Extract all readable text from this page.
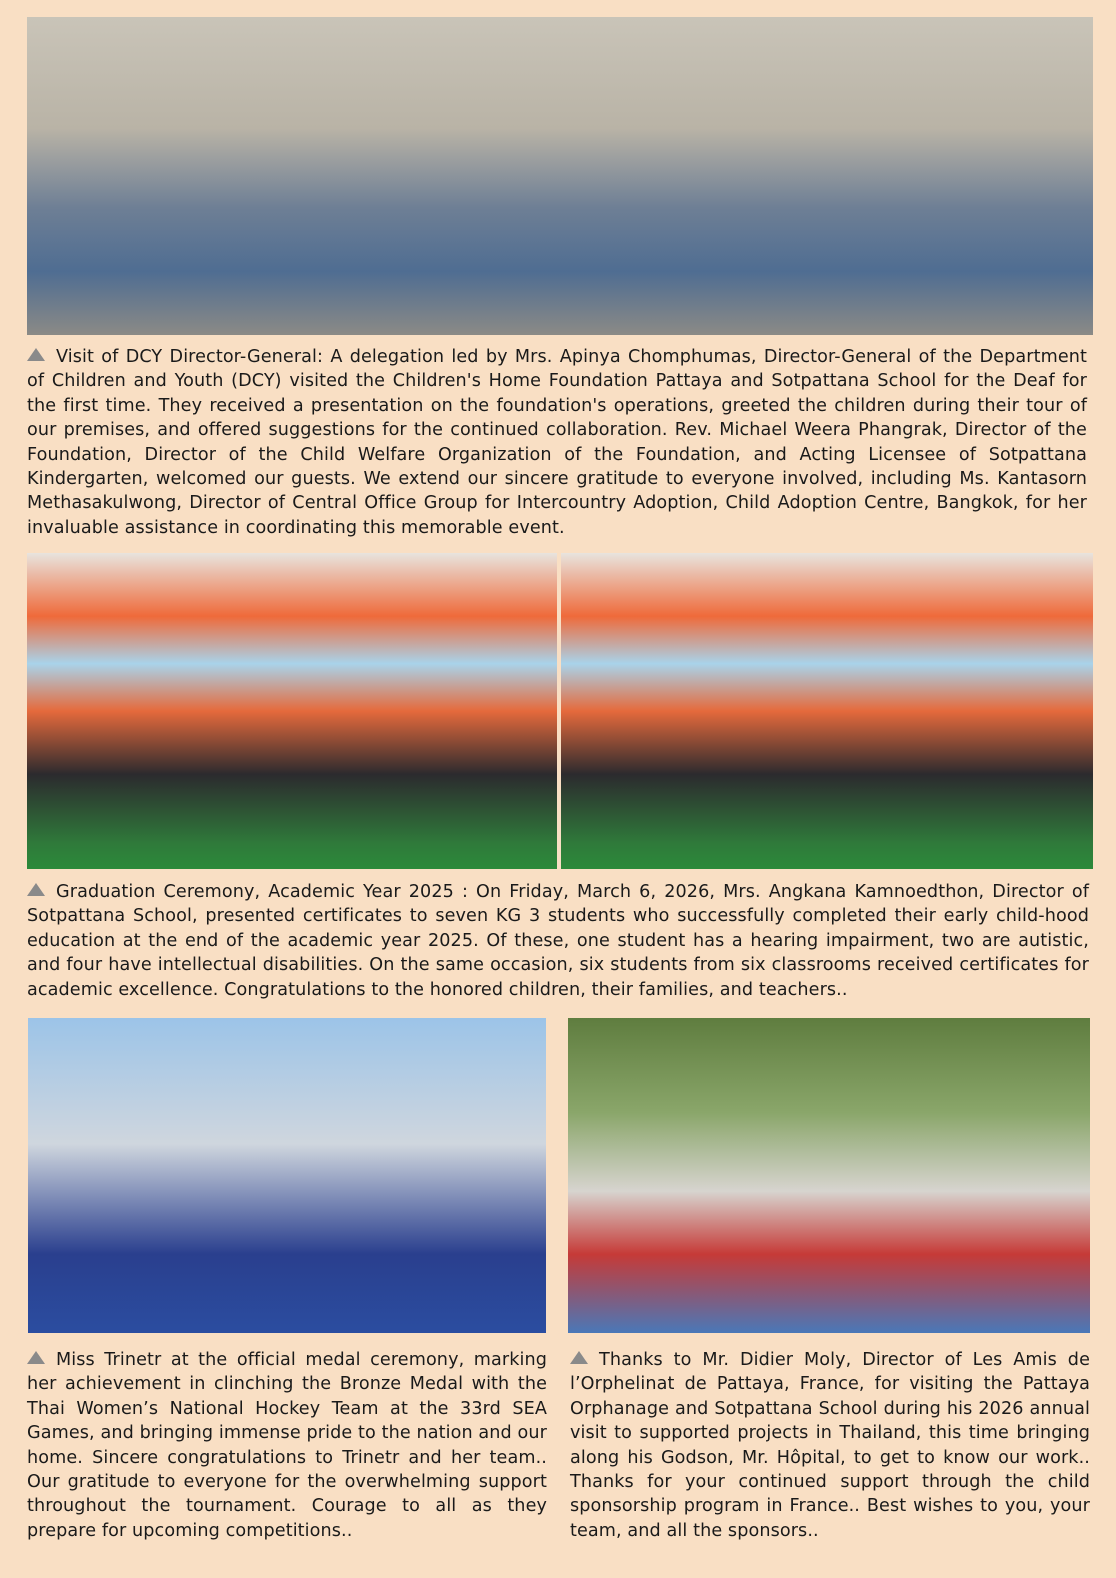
Visit of DCY Director-General: A delegation led by Mrs. Apinya Chomphumas, Director-General of the Department of Children and Youth (DCY) visited the Children's Home Foundation Pattaya and Sotpattana School for the Deaf for the first time. They received a presentation on the foundation's operations, greeted the children during their tour of our premises, and offered suggestions for the continued collaboration. Rev. Michael Weera Phangrak, Director of the Foundation, Director of the Child Welfare Organization of the Foundation, and Acting Licensee of Sotpattana Kindergarten, welcomed our guests. We extend our sincere gratitude to everyone involved, including Ms. Kantasorn Methasakulwong, Director of Central Office Group for Intercountry Adoption, Child Adoption Centre, Bangkok, for her invaluable assistance in coordinating this memorable event.

Graduation Ceremony, Academic Year 2025 : On Friday, March 6, 2026, Mrs. Angkana Kamnoedthon, Director of Sotpattana School, presented certificates to seven KG 3 students who successfully completed their early child-hood education at the end of the academic year 2025. Of these, one student has a hearing impairment, two are autistic, and four have intellectual disabilities. On the same occasion, six students from six classrooms received certificates for academic excellence. Congratulations to the honored children, their families, and teachers..

Miss Trinetr at the official medal ceremony, marking her achievement in clinching the Bronze Medal with the Thai Women’s National Hockey Team at the 33rd SEA Games, and bringing immense pride to the nation and our home. Sincere congratulations to Trinetr and her team.. Our gratitude to everyone for the overwhelming support throughout the tournament. Courage to all as they prepare for upcoming competitions..

Thanks to Mr. Didier Moly, Director of Les Amis de l’Orphelinat de Pattaya, France, for visiting the Pattaya Orphanage and Sotpattana School during his 2026 annual visit to supported projects in Thailand, this time bringing along his Godson, Mr. Hôpital, to get to know our work.. Thanks for your continued support through the child sponsorship program in France.. Best wishes to you, your team, and all the sponsors..
